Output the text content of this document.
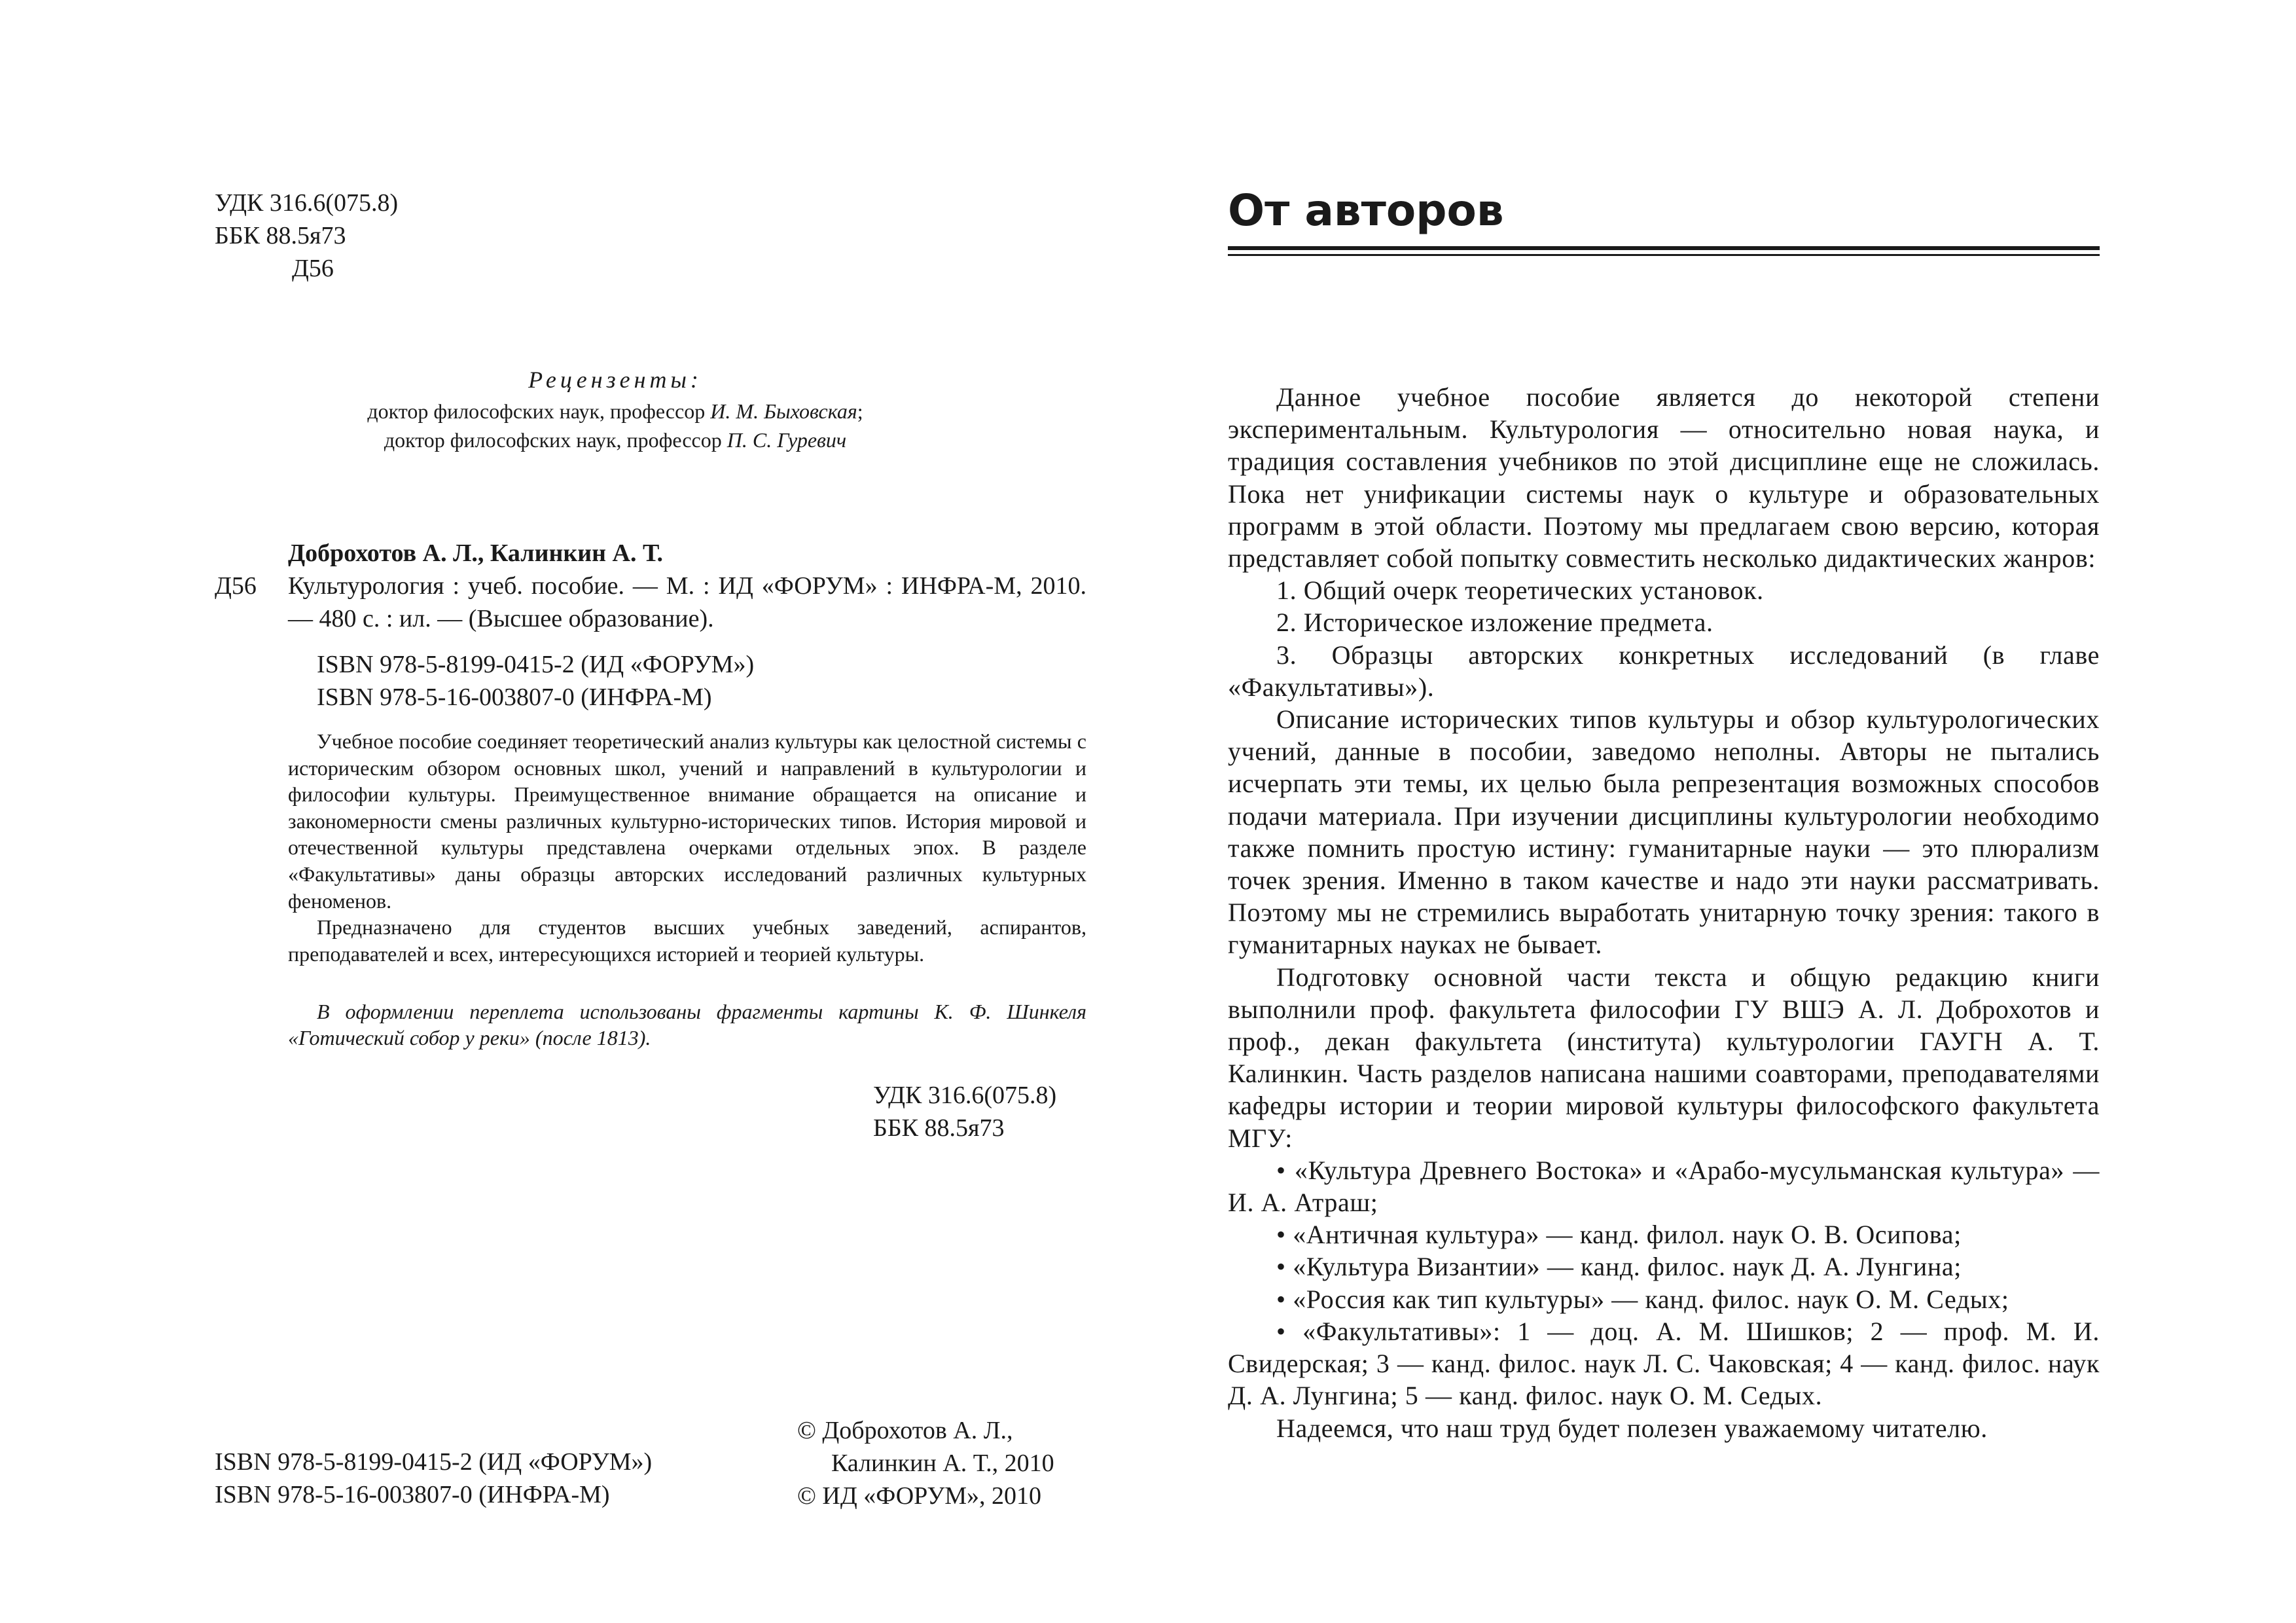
УДК 316.6(075.8)
ББК 88.5я73
Д56
Рецензенты:
доктор философских наук, профессор И. М. Быховская;
доктор философских наук, профессор П. С. Гуревич
Доброхотов А. Л., Калинкин А. Т.
Д56 Культурология : учеб. пособие. — М. : ИД «ФОРУМ» : ИНФРА-М, 2010. — 480 с. : ил. — (Высшее образование).

ISBN 978-5-8199-0415-2 (ИД «ФОРУМ»)
ISBN 978-5-16-003807-0 (ИНФРА-М)

Учебное пособие соединяет теоретический анализ культуры как целостной системы с историческим обзором основных школ, учений и направлений в культурологии и философии культуры. Преимущественное внимание обращается на описание и закономерности смены различных культурно-исторических типов. История мировой и отечественной культуры представлена очерками отдельных эпох. В разделе «Факультативы» даны образцы авторских исследований различных культурных феноменов.

Предназначено для студентов высших учебных заведений, аспирантов, преподавателей и всех, интересующихся историей и теорией культуры.

В оформлении переплета использованы фрагменты картины К. Ф. Шинкеля «Готический собор у реки» (после 1813).

УДК 316.6(075.8)
ББК 88.5я73
ISBN 978-5-8199-0415-2 (ИД «ФОРУМ»)
ISBN 978-5-16-003807-0 (ИНФРА-М)
© Доброхотов А. Л.,
Калинкин А. Т., 2010
© ИД «ФОРУМ», 2010
От авторов

Данное учебное пособие является до некоторой степени экспериментальным. Культурология — относительно новая наука, и традиция составления учебников по этой дисциплине еще не сложилась. Пока нет унификации системы наук о культуре и образовательных программ в этой области. Поэтому мы предлагаем свою версию, которая представляет собой попытку совместить несколько дидактических жанров:

1. Общий очерк теоретических установок.

2. Историческое изложение предмета.

3. Образцы авторских конкретных исследований (в главе «Факультативы»).

Описание исторических типов культуры и обзор культурологических учений, данные в пособии, заведомо неполны. Авторы не пытались исчерпать эти темы, их целью была репрезентация возможных способов подачи материала. При изучении дисциплины культурологии необходимо также помнить простую истину: гуманитарные науки — это плюрализм точек зрения. Именно в таком качестве и надо эти науки рассматривать. Поэтому мы не стремились выработать унитарную точку зрения: такого в гуманитарных науках не бывает.

Подготовку основной части текста и общую редакцию книги выполнили проф. факультета философии ГУ ВШЭ А. Л. Доброхотов и проф., декан факультета (института) культурологии ГАУГН А. Т. Калинкин. Часть разделов написана нашими соавторами, преподавателями кафедры истории и теории мировой культуры философского факультета МГУ:

• «Культура Древнего Востока» и «Арабо-мусульманская культура» — И. А. Атраш;

• «Античная культура» — канд. филол. наук О. В. Осипова;

• «Культура Византии» — канд. филос. наук Д. А. Лунгина;

• «Россия как тип культуры» — канд. филос. наук О. М. Седых;

• «Факультативы»: 1 — доц. А. М. Шишков; 2 — проф. М. И. Свидерская; 3 — канд. филос. наук Л. С. Чаковская; 4 — канд. филос. наук Д. А. Лунгина; 5 — канд. филос. наук О. М. Седых.

Надеемся, что наш труд будет полезен уважаемому читателю.
